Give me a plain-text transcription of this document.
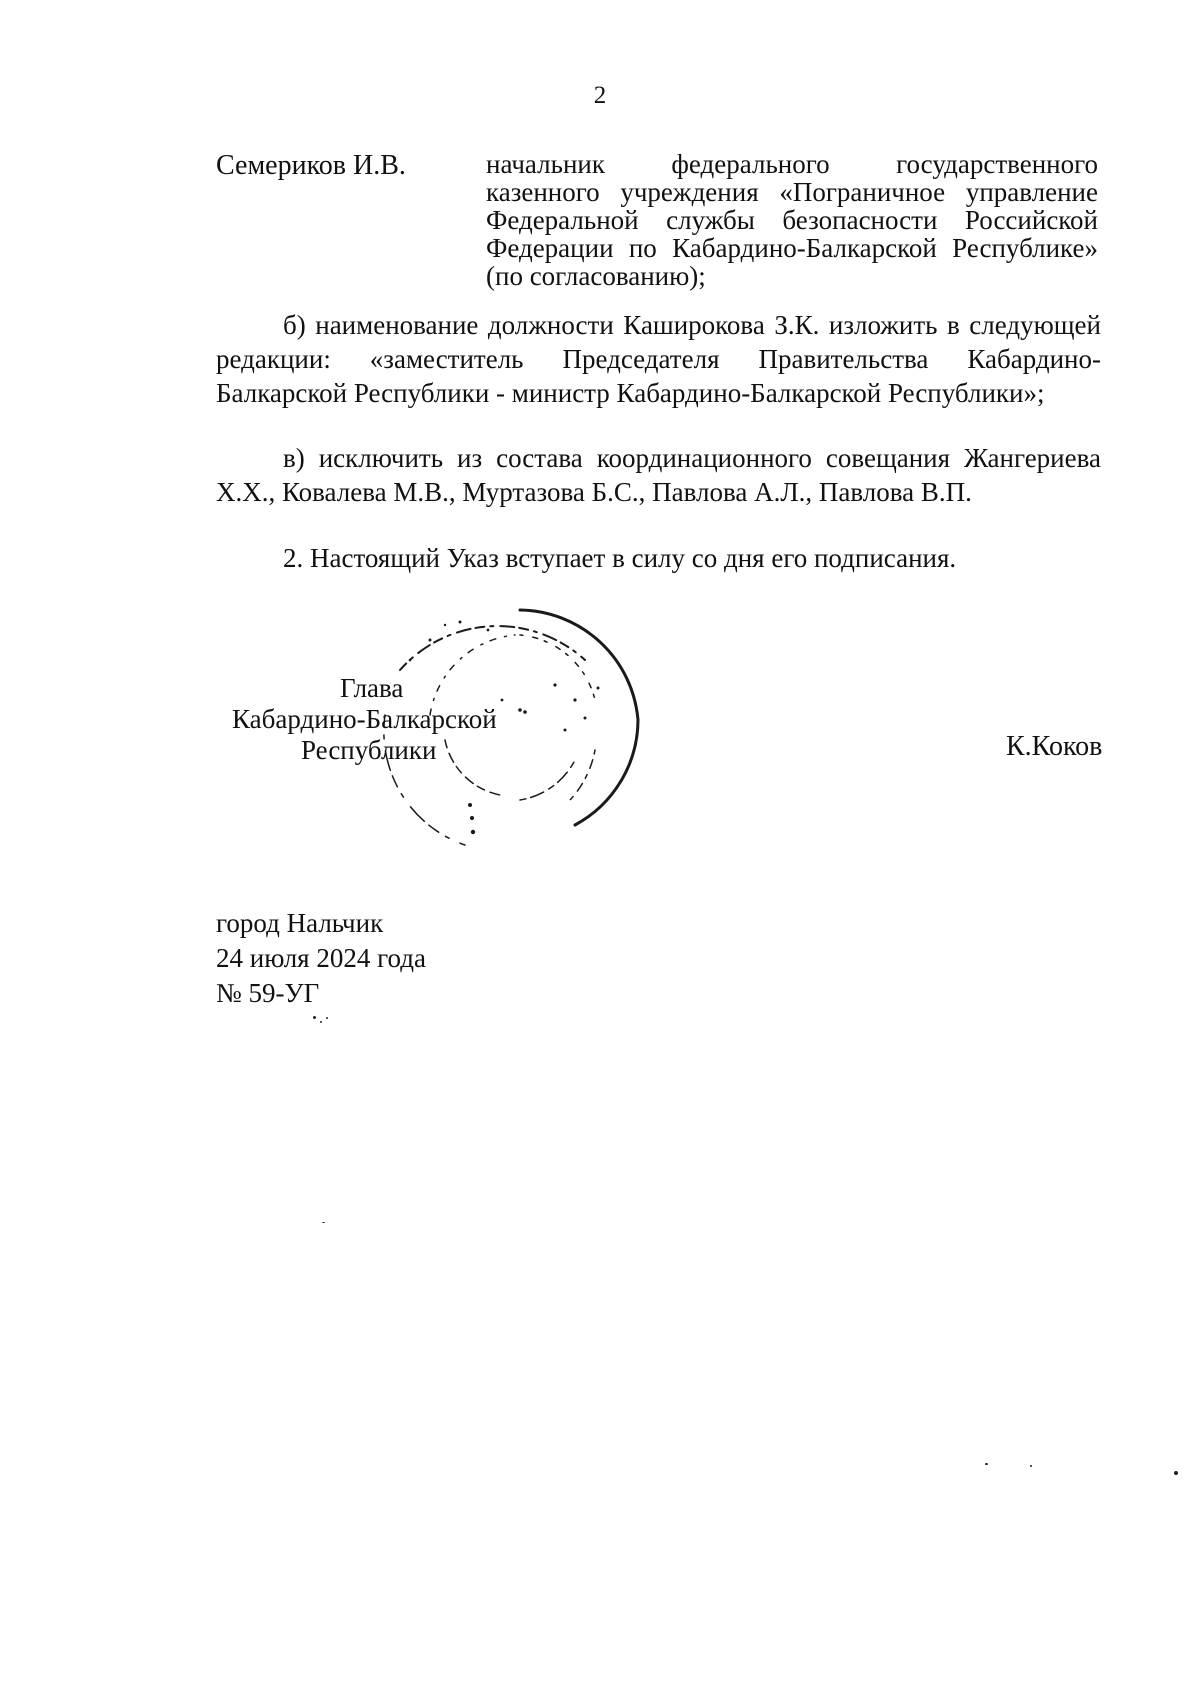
2
Семериков И.В.	начальник федерального государственного казенного учреждения «Пограничное управление Федеральной службы безопасности Российской Федерации по Кабардино-Балкарской Республике» (по согласованию);
б) наименование должности Каширокова З.К. изложить в следующей редакции: «заместитель Председателя Правительства Кабардино-Балкарской Республики - министр Кабардино-Балкарской Республики»;
в) исключить из состава координационного совещания Жангериева Х.Х., Ковалева М.В., Муртазова Б.С., Павлова А.Л., Павлова В.П.
2. Настоящий Указ вступает в силу со дня его подписания.
Глава
Кабардино-Балкарской
Республики	К.Коков
город Нальчик
24 июля 2024 года
№ 59-УГ
